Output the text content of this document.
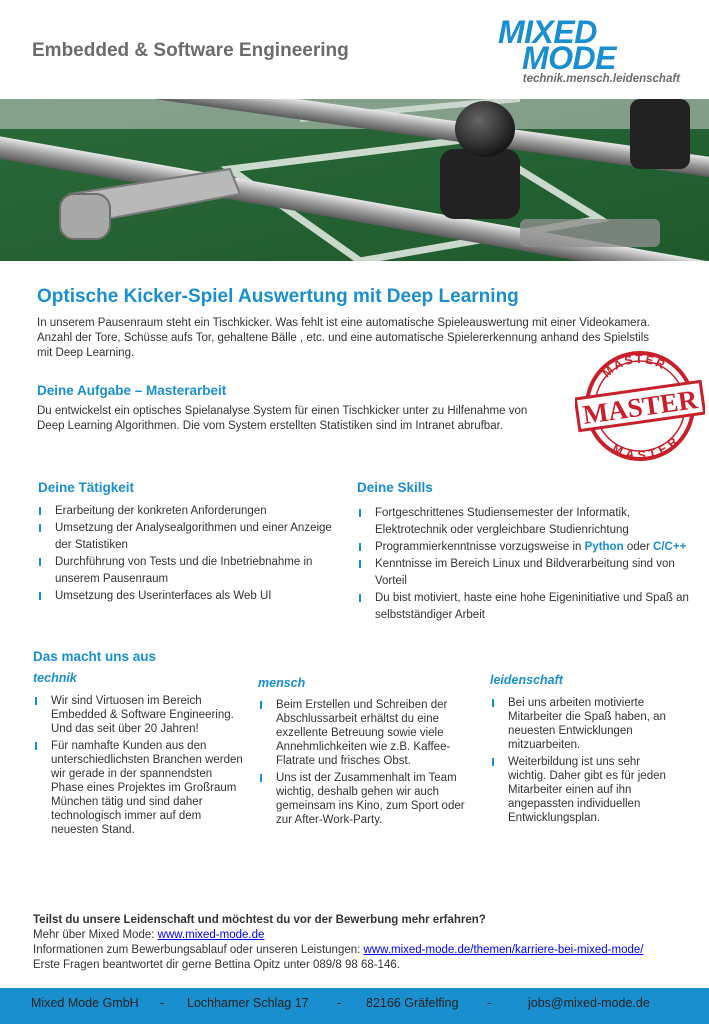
Embedded & Software Engineering
MIXED
MODE
technik.mensch.leidenschaft
Optische Kicker-Spiel Auswertung mit Deep Learning
In unserem Pausenraum steht ein Tischkicker. Was fehlt ist eine automatische Spieleauswertung mit einer Videokamera.
Anzahl der Tore, Schüsse aufs Tor, gehaltene Bälle , etc. und eine automatische Spielererkennung anhand des Spielstils
mit Deep Learning.
Deine Aufgabe – Masterarbeit
Du entwickelst ein optisches Spielanalyse System für einen Tischkicker unter zu Hilfenahme von
Deep Learning Algorithmen. Die vom System erstellten Statistiken sind im Intranet abrufbar.
MASTER
MASTER
MASTER
Deine Tätigkeit
Erarbeitung der konkreten Anforderungen
Umsetzung der Analysealgorithmen und einer Anzeige der Statistiken
Durchführung von Tests und die Inbetriebnahme in unserem Pausenraum
Umsetzung des Userinterfaces als Web UI
Deine Skills
Fortgeschrittenes Studiensemester der Informatik, Elektrotechnik oder vergleichbare Studienrichtung
Programmierkenntnisse vorzugsweise in Python oder C/C++
Kenntnisse im Bereich Linux und Bildverarbeitung sind von Vorteil
Du bist motiviert, haste eine hohe Eigeninitiative und Spaß an selbstständiger Arbeit
Das macht uns aus
technik
Wir sind Virtuosen im Bereich Embedded & Software Engineering. Und das seit über 20 Jahren!
Für namhafte Kunden aus den unterschiedlichsten Branchen werden wir gerade in der spannendsten Phase eines Projektes im Großraum München tätig und sind daher technologisch immer auf dem neuesten Stand.
mensch
Beim Erstellen und Schreiben der Abschlussarbeit erhältst du eine exzellente Betreuung sowie viele Annehmlichkeiten wie z.B. Kaffee-Flatrate und frisches Obst.
Uns ist der Zusammenhalt im Team wichtig, deshalb gehen wir auch gemeinsam ins Kino, zum Sport oder zur After-Work-Party.
leidenschaft
Bei uns arbeiten motivierte Mitarbeiter die Spaß haben, an neuesten Entwicklungen mitzuarbeiten.
Weiterbildung ist uns sehr wichtig. Daher gibt es für jeden Mitarbeiter einen auf ihn angepassten individuellen Entwicklungsplan.
Teilst du unsere Leidenschaft und möchtest du vor der Bewerbung mehr erfahren?
Mehr über Mixed Mode: www.mixed-mode.de
Informationen zum Bewerbungsablauf oder unseren Leistungen: www.mixed-mode.de/themen/karriere-bei-mixed-mode/
Erste Fragen beantwortet dir gerne Bettina Opitz unter 089/8 98 68-146.
Mixed Mode GmbH - Lochhamer Schlag 17 - 82166 Gräfelfing -	jobs@mixed-mode.de
